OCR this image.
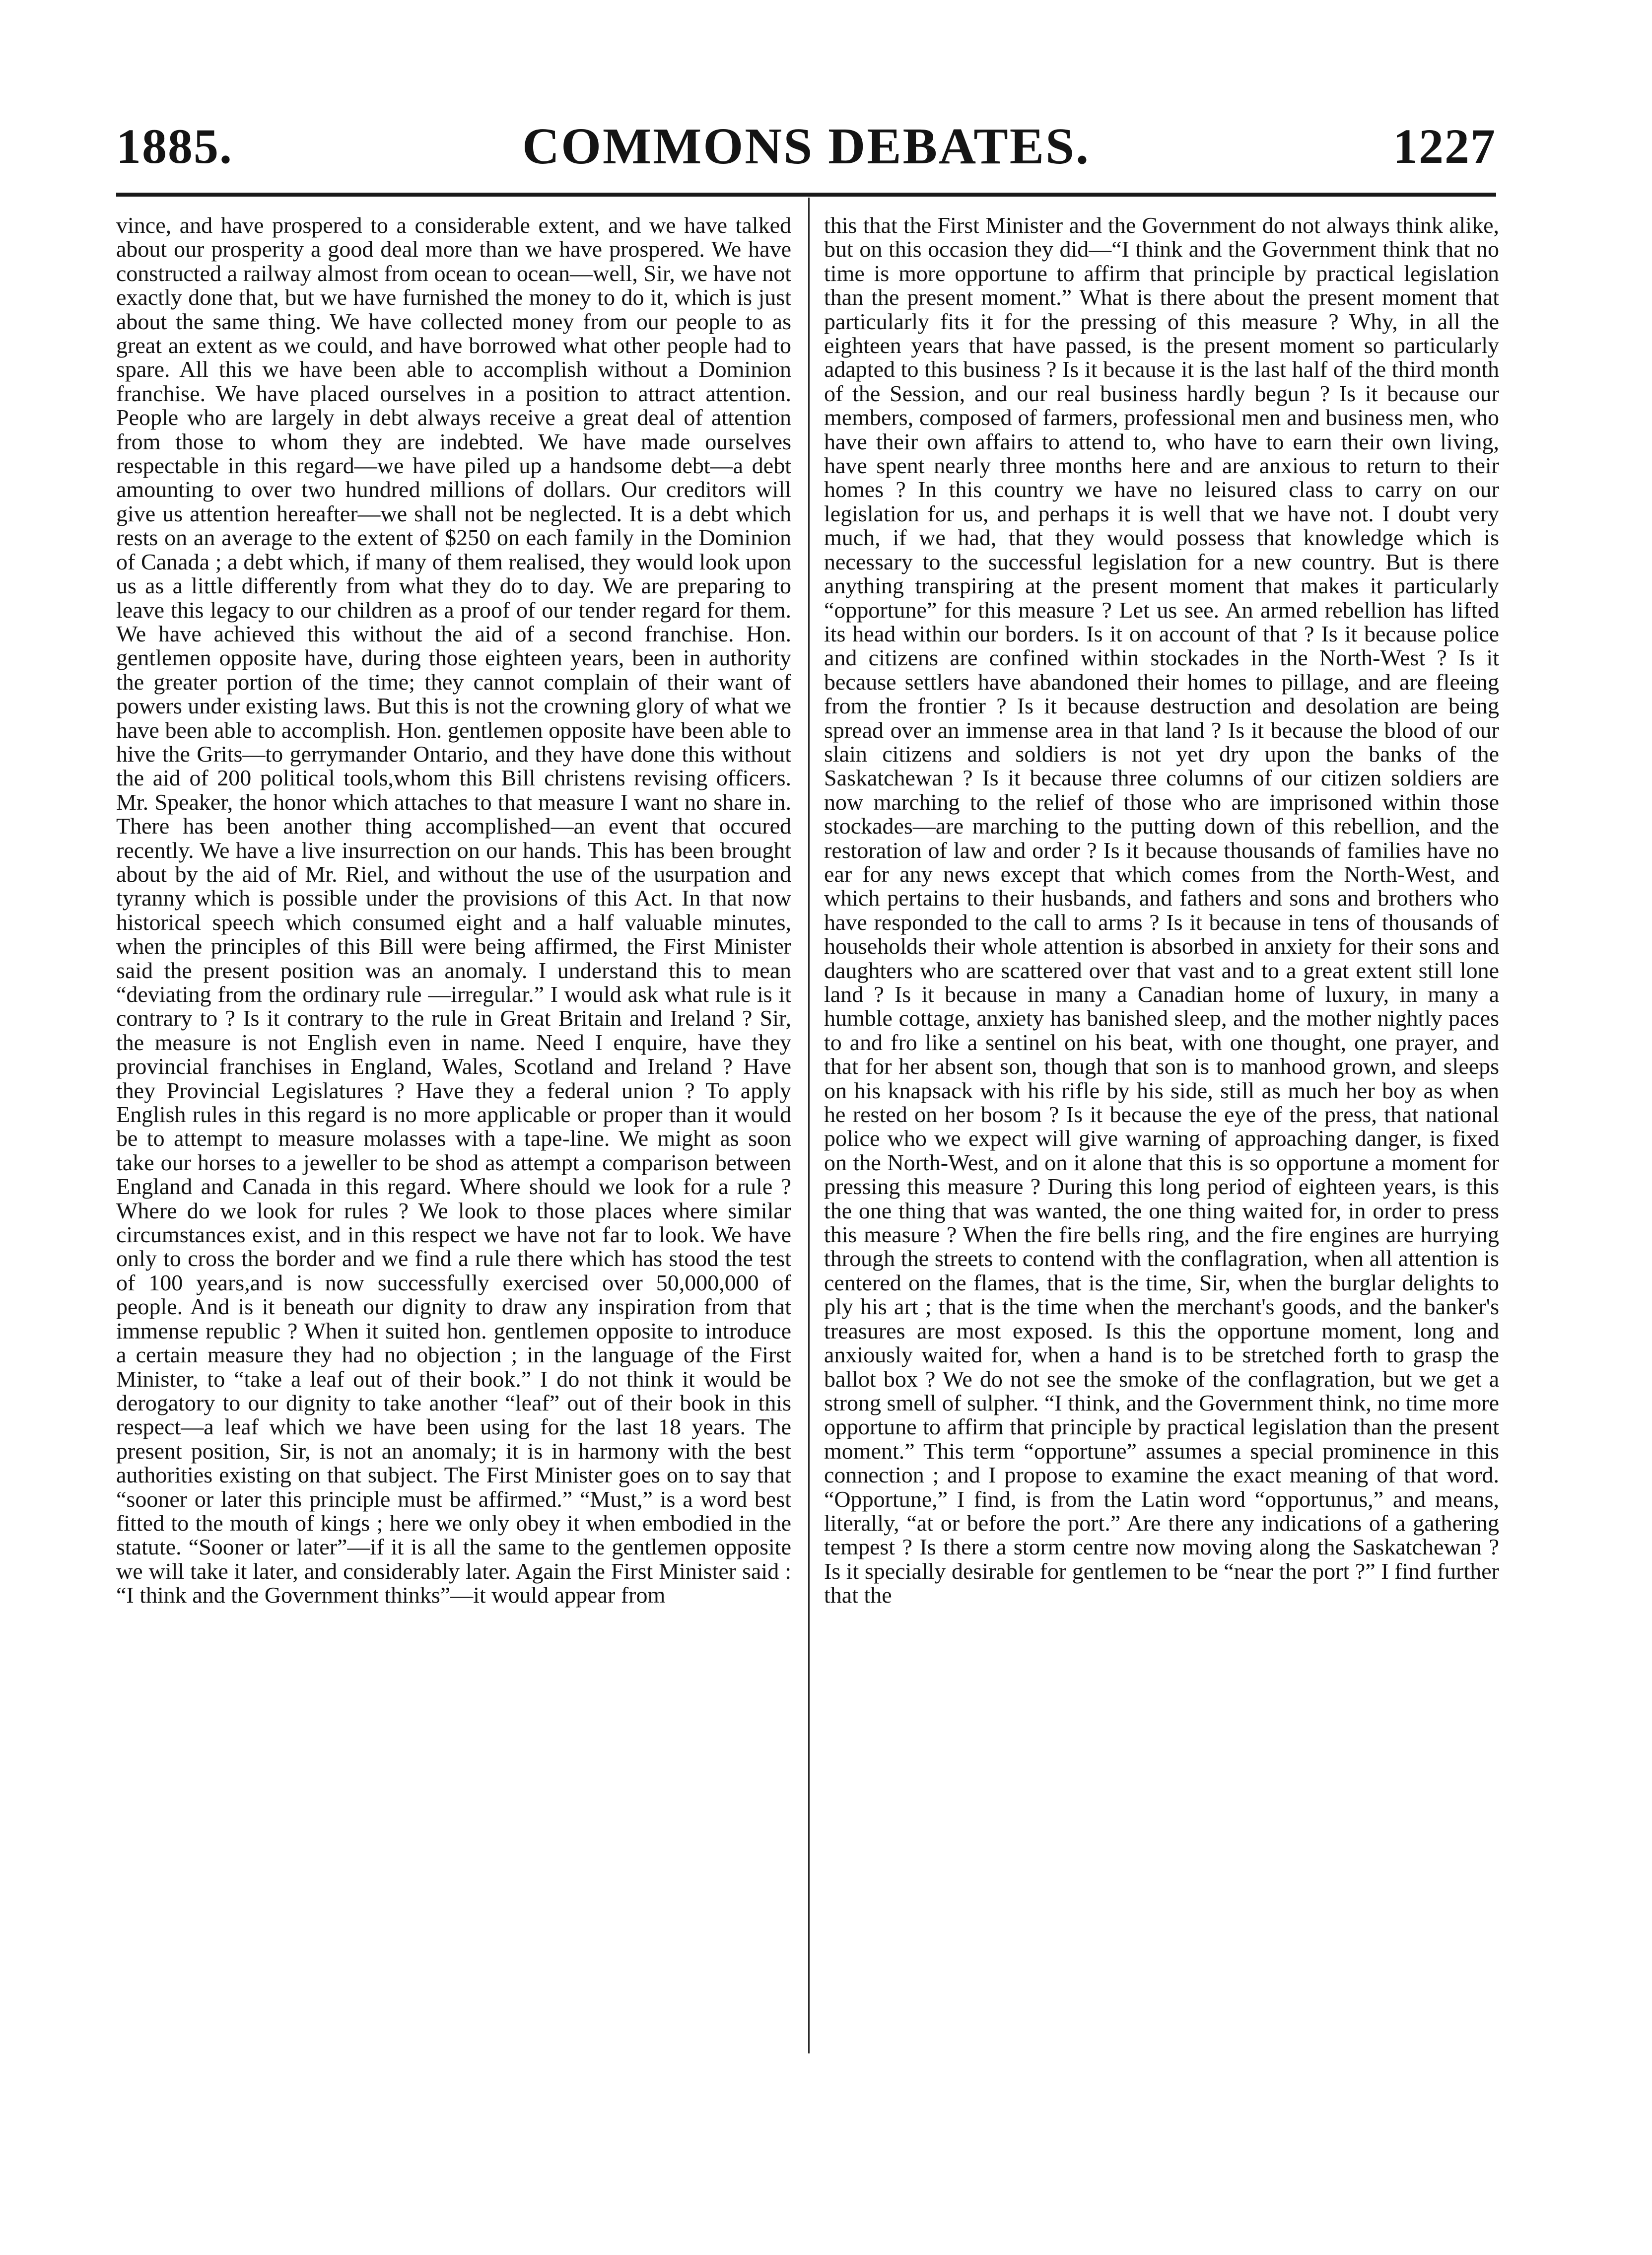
1885.	COMMONS DEBATES.	1227

vince, and have prospered to a considerable extent, and we have talked about our prosperity a good deal more than we have prospered. We have constructed a railway almost from ocean to ocean—well, Sir, we have not exactly done that, but we have furnished the money to do it, which is just about the same thing. We have collected money from our people to as great an extent as we could, and have borrowed what other people had to spare. All this we have been able to accomplish without a Dominion franchise. We have placed ourselves in a position to attract attention. People who are largely in debt always receive a great deal of attention from those to whom they are indebted. We have made ourselves respectable in this regard—we have piled up a handsome debt—a debt amounting to over two hundred millions of dollars. Our creditors will give us attention hereafter—we shall not be neglected. It is a debt which rests on an average to the extent of $250 on each family in the Dominion of Canada ; a debt which, if many of them realised, they would look upon us as a little differently from what they do to day. We are preparing to leave this legacy to our children as a proof of our tender regard for them. We have achieved this without the aid of a second franchise. Hon. gentlemen opposite have, during those eighteen years, been in authority the greater portion of the time; they cannot complain of their want of powers under existing laws. But this is not the crowning glory of what we have been able to accomplish. Hon. gentlemen opposite have been able to hive the Grits—to gerrymander Ontario, and they have done this without the aid of 200 political tools,whom this Bill christens revising officers. Mr. Speaker, the honor which attaches to that measure I want no share in. There has been another thing accomplished—an event that occured recently. We have a live insurrection on our hands. This has been brought about by the aid of Mr. Riel, and without the use of the usurpation and tyranny which is possible under the provisions of this Act. In that now historical speech which consumed eight and a half valuable minutes, when the principles of this Bill were being affirmed, the First Minister said the present position was an anomaly. I understand this to mean “deviating from the ordinary rule —irregular.” I would ask what rule is it contrary to ? Is it contrary to the rule in Great Britain and Ireland ? Sir, the measure is not English even in name. Need I enquire, have they provincial franchises in England, Wales, Scotland and Ireland ? Have they Provincial Legislatures ? Have they a federal union ? To apply English rules in this regard is no more applicable or proper than it would be to attempt to measure molasses with a tape-line. We might as soon take our horses to a jeweller to be shod as attempt a comparison between England and Canada in this regard. Where should we look for a rule ? Where do we look for rules ? We look to those places where similar circumstances exist, and in this respect we have not far to look. We have only to cross the border and we find a rule there which has stood the test of 100 years,and is now successfully exercised over 50,000,000 of people. And is it beneath our dignity to draw any inspiration from that immense republic ? When it suited hon. gentlemen opposite to introduce a certain measure they had no objection ; in the language of the First Minister, to “take a leaf out of their book.” I do not think it would be derogatory to our dignity to take another “leaf” out of their book in this respect—a leaf which we have been using for the last 18 years. The present position, Sir, is not an anomaly; it is in harmony with the best authorities existing on that subject. The First Minister goes on to say that “sooner or later this principle must be affirmed.” “Must,” is a word best fitted to the mouth of kings ; here we only obey it when embodied in the statute. “Sooner or later”—if it is all the same to the gentlemen opposite we will take it later, and considerably later. Again the First Minister said : “I think and the Government thinks”—it would appear from

this that the First Minister and the Government do not always think alike, but on this occasion they did—“I think and the Government think that no time is more opportune to affirm that principle by practical legislation than the present moment.” What is there about the present moment that particularly fits it for the pressing of this measure ? Why, in all the eighteen years that have passed, is the present moment so particularly adapted to this business ? Is it because it is the last half of the third month of the Session, and our real business hardly begun ? Is it because our members, composed of farmers, professional men and business men, who have their own affairs to attend to, who have to earn their own living, have spent nearly three months here and are anxious to return to their homes ? In this country we have no leisured class to carry on our legislation for us, and perhaps it is well that we have not. I doubt very much, if we had, that they would possess that knowledge which is necessary to the successful legislation for a new country. But is there anything transpiring at the present moment that makes it particularly “opportune” for this measure ? Let us see. An armed rebellion has lifted its head within our borders. Is it on account of that ? Is it because police and citizens are confined within stockades in the North-West ? Is it because settlers have abandoned their homes to pillage, and are fleeing from the frontier ? Is it because destruction and desolation are being spread over an immense area in that land ? Is it because the blood of our slain citizens and soldiers is not yet dry upon the banks of the Saskatchewan ? Is it because three columns of our citizen soldiers are now marching to the relief of those who are imprisoned within those stockades—are marching to the putting down of this rebellion, and the restoration of law and order ? Is it because thousands of families have no ear for any news except that which comes from the North-West, and which pertains to their husbands, and fathers and sons and brothers who have responded to the call to arms ? Is it because in tens of thousands of households their whole attention is absorbed in anxiety for their sons and daughters who are scattered over that vast and to a great extent still lone land ? Is it because in many a Canadian home of luxury, in many a humble cottage, anxiety has banished sleep, and the mother nightly paces to and fro like a sentinel on his beat, with one thought, one prayer, and that for her absent son, though that son is to manhood grown, and sleeps on his knapsack with his rifle by his side, still as much her boy as when he rested on her bosom ? Is it because the eye of the press, that national police who we expect will give warning of approaching danger, is fixed on the North-West, and on it alone that this is so opportune a moment for pressing this measure ? During this long period of eighteen years, is this the one thing that was wanted, the one thing waited for, in order to press this measure ? When the fire bells ring, and the fire engines are hurrying through the streets to contend with the conflagration, when all attention is centered on the flames, that is the time, Sir, when the burglar delights to ply his art ; that is the time when the merchant's goods, and the banker's treasures are most exposed. Is this the opportune moment, long and anxiously waited for, when a hand is to be stretched forth to grasp the ballot box ? We do not see the smoke of the conflagration, but we get a strong smell of sulpher. “I think, and the Government think, no time more opportune to affirm that principle by practical legislation than the present moment.” This term “opportune” assumes a special prominence in this connection ; and I propose to examine the exact meaning of that word. “Opportune,” I find, is from the Latin word “opportunus,” and means, literally, “at or before the port.” Are there any indications of a gathering tempest ? Is there a storm centre now moving along the Saskatchewan ? Is it specially desirable for gentlemen to be “near the port ?” I find further that the
